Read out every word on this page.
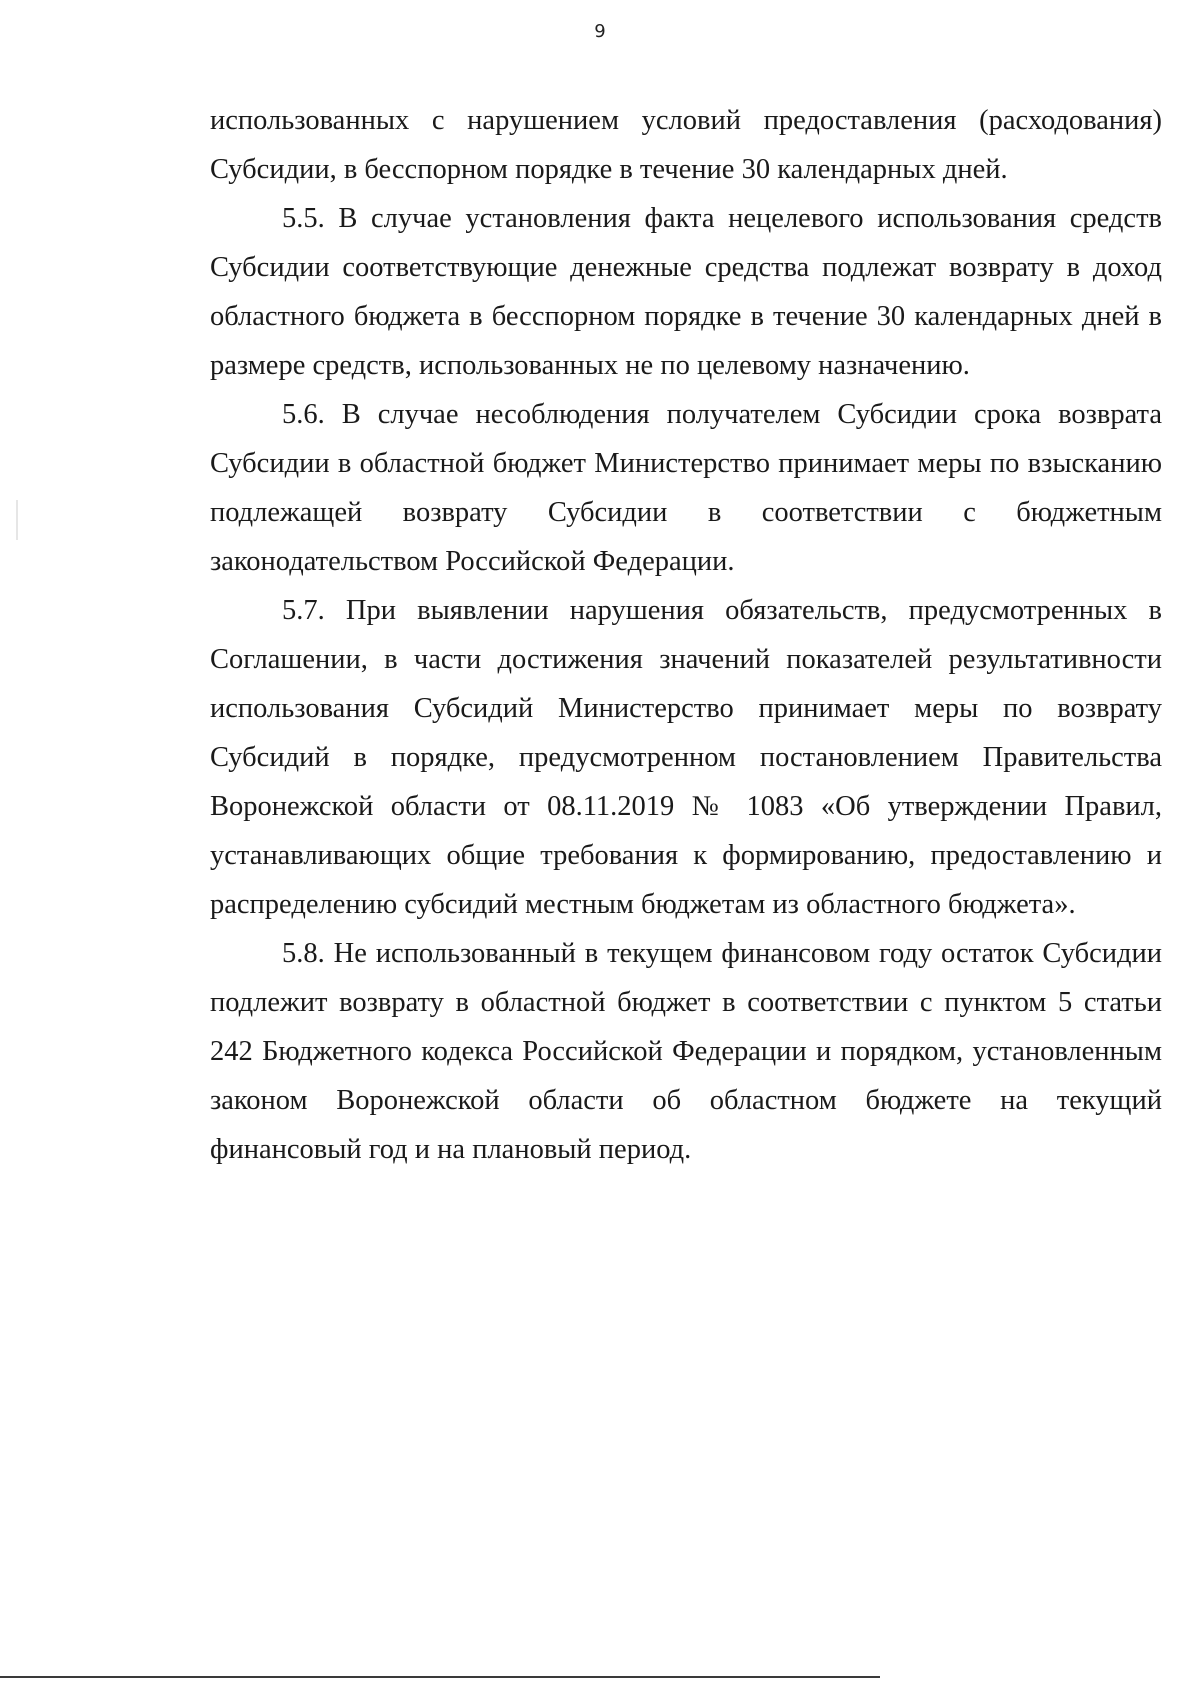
9

использованных с нарушением условий предоставления (расходования) Субсидии, в бесспорном порядке в течение 30 календарных дней.

5.5. В случае установления факта нецелевого использования средств Субсидии соответствующие денежные средства подлежат возврату в доход областного бюджета в бесспорном порядке в течение 30 календарных дней в размере средств, использованных не по целевому назначению.

5.6. В случае несоблюдения получателем Субсидии срока возврата Субсидии в областной бюджет Министерство принимает меры по взысканию подлежащей возврату Субсидии в соответствии с бюджетным законодательством Российской Федерации.

5.7. При выявлении нарушения обязательств, предусмотренных в Соглашении, в части достижения значений показателей результативности использования Субсидий Министерство принимает меры по возврату Субсидий в порядке, предусмотренном постановлением Правительства Воронежской области от 08.11.2019 № 1083 «Об утверждении Правил, устанавливающих общие требования к формированию, предоставлению и распределению субсидий местным бюджетам из областного бюджета».

5.8. Не использованный в текущем финансовом году остаток Субсидии подлежит возврату в областной бюджет в соответствии с пунктом 5 статьи 242 Бюджетного кодекса Российской Федерации и порядком, установленным законом Воронежской области об областном бюджете на текущий финансовый год и на плановый период.
